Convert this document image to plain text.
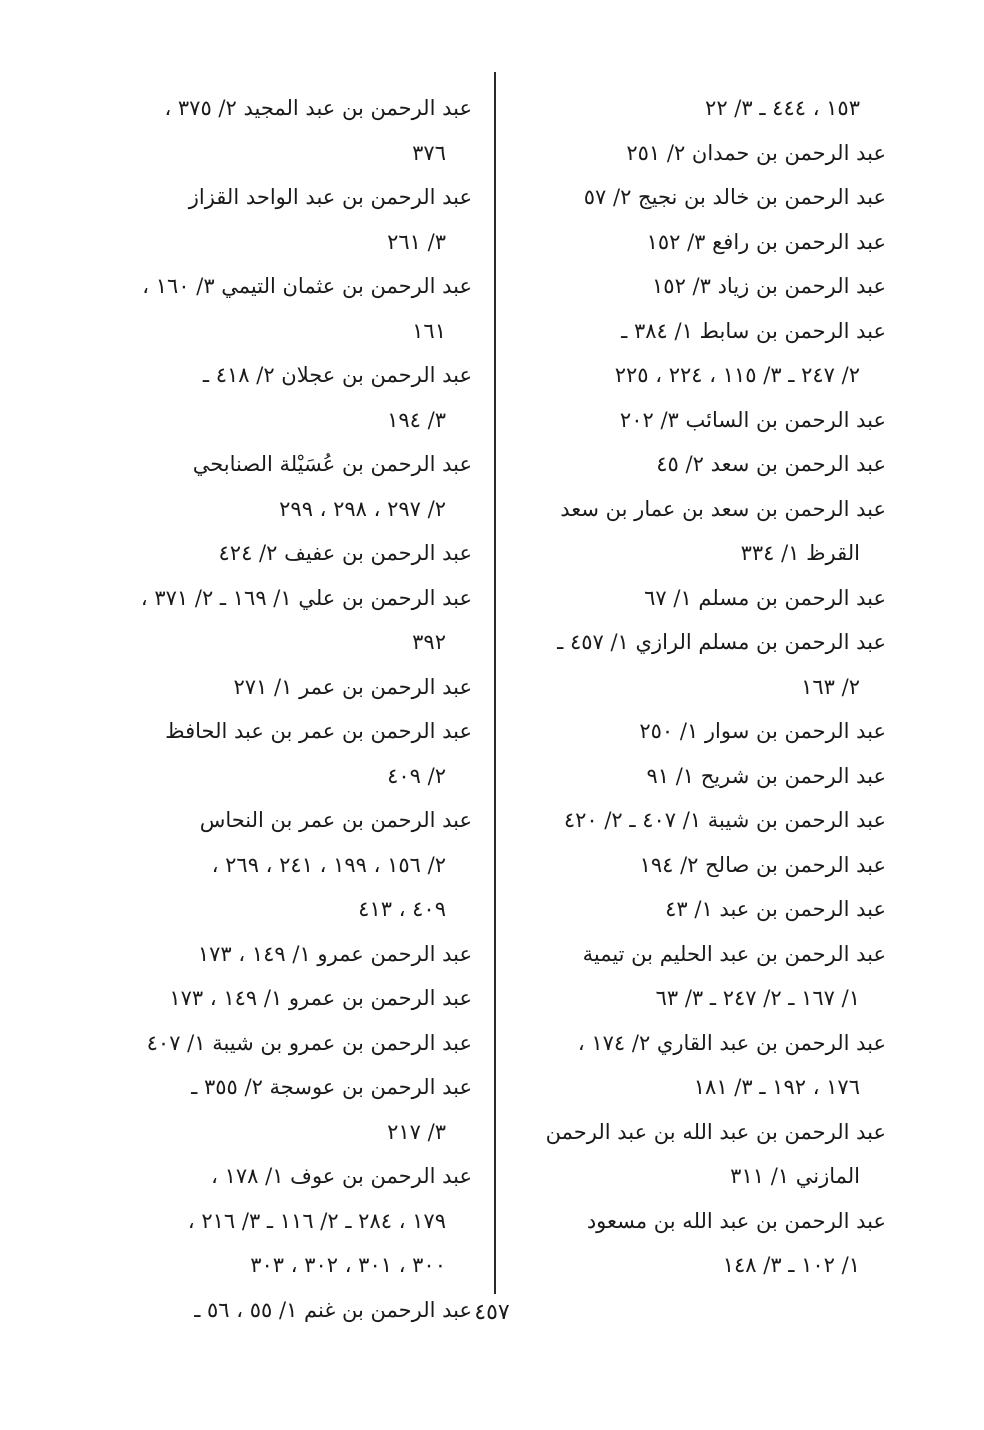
١٥٣ ، ٤٤٤ ـ ٣/ ٢٢
عبد الرحمن بن حمدان ٢/ ٢٥١
عبد الرحمن بن خالد بن نجيج ٢/ ٥٧
عبد الرحمن بن رافع ٣/ ١٥٢
عبد الرحمن بن زياد ٣/ ١٥٢
عبد الرحمن بن سابط ١/ ٣٨٤ ـ
٢/ ٢٤٧ ـ ٣/ ١١٥ ، ٢٢٤ ، ٢٢٥
عبد الرحمن بن السائب ٣/ ٢٠٢
عبد الرحمن بن سعد ٢/ ٤٥
عبد الرحمن بن سعد بن عمار بن سعد
القرظ ١/ ٣٣٤
عبد الرحمن بن مسلم ١/ ٦٧
عبد الرحمن بن مسلم الرازي ١/ ٤٥٧ ـ
٢/ ١٦٣
عبد الرحمن بن سوار ١/ ٢٥٠
عبد الرحمن بن شريح ١/ ٩١
عبد الرحمن بن شيبة ١/ ٤٠٧ ـ ٢/ ٤٢٠
عبد الرحمن بن صالح ٢/ ١٩٤
عبد الرحمن بن عبد ١/ ٤٣
عبد الرحمن بن عبد الحليم بن تيمية
١/ ١٦٧ ـ ٢/ ٢٤٧ ـ ٣/ ٦٣
عبد الرحمن بن عبد القاري ٢/ ١٧٤ ،
١٧٦ ، ١٩٢ ـ ٣/ ١٨١
عبد الرحمن بن عبد الله بن عبد الرحمن
المازني ١/ ٣١١
عبد الرحمن بن عبد الله بن مسعود
١/ ١٠٢ ـ ٣/ ١٤٨
عبد الرحمن بن عبد المجيد ٢/ ٣٧٥ ،
٣٧٦
عبد الرحمن بن عبد الواحد القزاز
٣/ ٢٦١
عبد الرحمن بن عثمان التيمي ٣/ ١٦٠ ،
١٦١
عبد الرحمن بن عجلان ٢/ ٤١٨ ـ
٣/ ١٩٤
عبد الرحمن بن عُسَيْلة الصنابحي
٢/ ٢٩٧ ، ٢٩٨ ، ٢٩٩
عبد الرحمن بن عفيف ٢/ ٤٢٤
عبد الرحمن بن علي ١/ ١٦٩ ـ ٢/ ٣٧١ ،
٣٩٢
عبد الرحمن بن عمر ١/ ٢٧١
عبد الرحمن بن عمر بن عبد الحافظ
٢/ ٤٠٩
عبد الرحمن بن عمر بن النحاس
٢/ ١٥٦ ، ١٩٩ ، ٢٤١ ، ٢٦٩ ،
٤٠٩ ، ٤١٣
عبد الرحمن عمرو ١/ ١٤٩ ، ١٧٣
عبد الرحمن بن عمرو ١/ ١٤٩ ، ١٧٣
عبد الرحمن بن عمرو بن شيبة ١/ ٤٠٧
عبد الرحمن بن عوسجة ٢/ ٣٥٥ ـ
٣/ ٢١٧
عبد الرحمن بن عوف ١/ ١٧٨ ،
١٧٩ ، ٢٨٤ ـ ٢/ ١١٦ ـ ٣/ ٢١٦ ،
٣٠٠ ، ٣٠١ ، ٣٠٢ ، ٣٠٣
عبد الرحمن بن غنم ١/ ٥٥ ، ٥٦ ـ ٤٥٧
